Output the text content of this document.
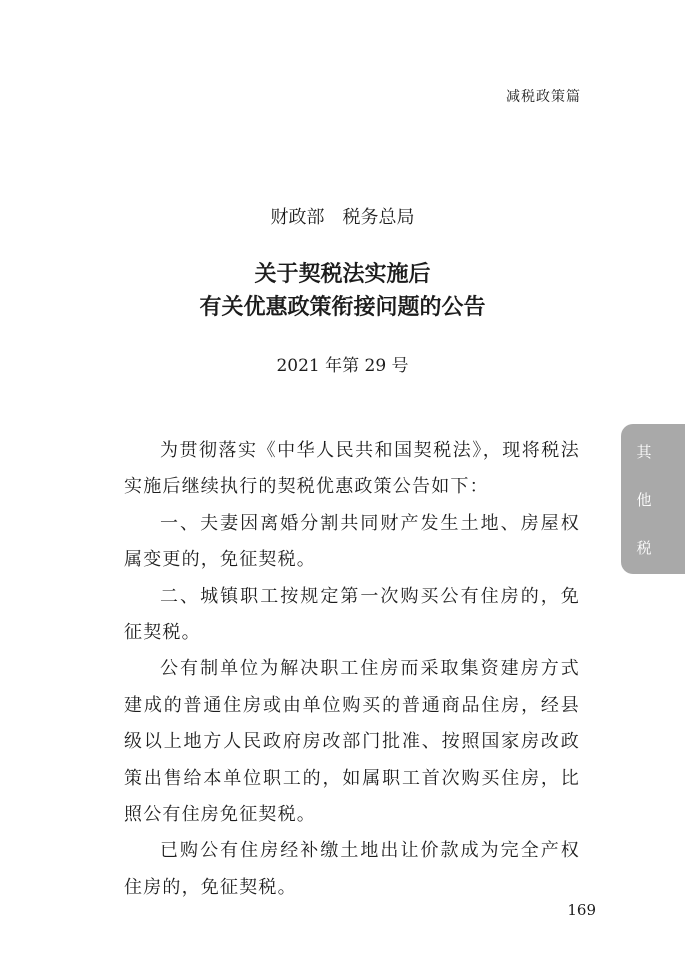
减税政策篇
财政部　税务总局
关于契税法实施后
有关优惠政策衔接问题的公告
2021 年第 29 号

为贯彻落实《中华人民共和国契税法》，现将税法实施后继续执行的契税优惠政策公告如下：

一、夫妻因离婚分割共同财产发生土地、房屋权属变更的，免征契税。

二、城镇职工按规定第一次购买公有住房的，免征契税。

公有制单位为解决职工住房而采取集资建房方式建成的普通住房或由单位购买的普通商品住房，经县级以上地方人民政府房改部门批准、按照国家房改政策出售给本单位职工的，如属职工首次购买住房，比照公有住房免征契税。

已购公有住房经补缴土地出让价款成为完全产权住房的，免征契税。

其
他
税
169
